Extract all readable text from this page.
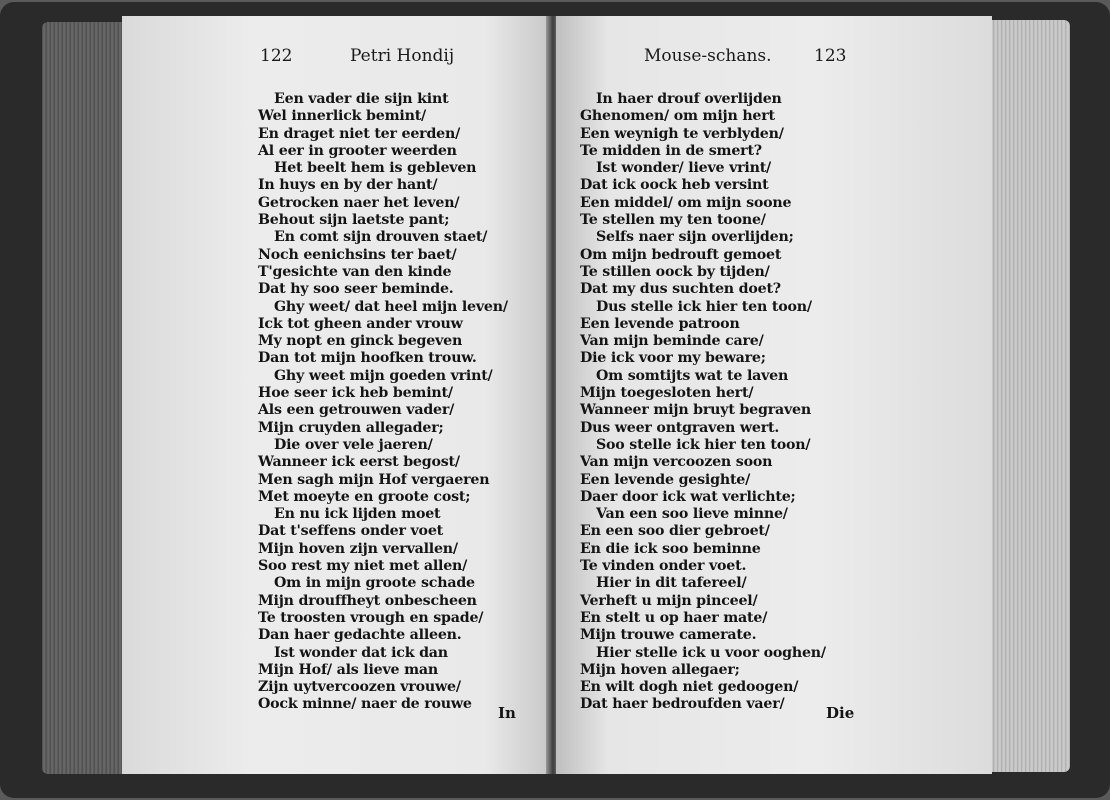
122	Petri Hondij
Een vader die sijn kint
Wel innerlick bemint/
En draget niet ter eerden/
Al eer in grooter weerden
Het beelt hem is gebleven
In huys en by der hant/
Getrocken naer het leven/
Behout sijn laetste pant;
En comt sijn drouven staet/
Noch eenichsins ter baet/
T'gesichte van den kinde
Dat hy soo seer beminde.
Ghy weet/ dat heel mijn leven/
Ick tot gheen ander vrouw
My nopt en ginck begeven
Dan tot mijn hoofken trouw.
Ghy weet mijn goeden vrint/
Hoe seer ick heb bemint/
Als een getrouwen vader/
Mijn cruyden allegader;
Die over vele jaeren/
Wanneer ick eerst begost/
Men sagh mijn Hof vergaeren
Met moeyte en groote cost;
En nu ick lijden moet
Dat t'seffens onder voet
Mijn hoven zijn vervallen/
Soo rest my niet met allen/
Om in mijn groote schade
Mijn drouffheyt onbescheen
Te troosten vrough en spade/
Dan haer gedachte alleen.
Ist wonder dat ick dan
Mijn Hof/ als lieve man
Zijn uytvercoozen vrouwe/
Oock minne/ naer de rouwe	In
Mouse-schans. 123
In haer drouf overlijden
Ghenomen/ om mijn hert
Een weynigh te verblyden/
Te midden in de smert?
Ist wonder/ lieve vrint/
Dat ick oock heb versint
Een middel/ om mijn soone
Te stellen my ten toone/
Selfs naer sijn overlijden;
Om mijn bedrouft gemoet
Te stillen oock by tijden/
Dat my dus suchten doet?
Dus stelle ick hier ten toon/
Een levende patroon
Van mijn beminde care/
Die ick voor my beware;
Om somtijts wat te laven
Mijn toegesloten hert/
Wanneer mijn bruyt begraven
Dus weer ontgraven wert.
Soo stelle ick hier ten toon/
Van mijn vercoozen soon
Een levende gesighte/
Daer door ick wat verlichte;
Van een soo lieve minne/
En een soo dier gebroet/
En die ick soo beminne
Te vinden onder voet.
Hier in dit tafereel/
Verheft u mijn pinceel/
En stelt u op haer mate/
Mijn trouwe camerate.
Hier stelle ick u voor ooghen/
Mijn hoven allegaer;
En wilt dogh niet gedoogen/
Dat haer bedroufden vaer/	Die
